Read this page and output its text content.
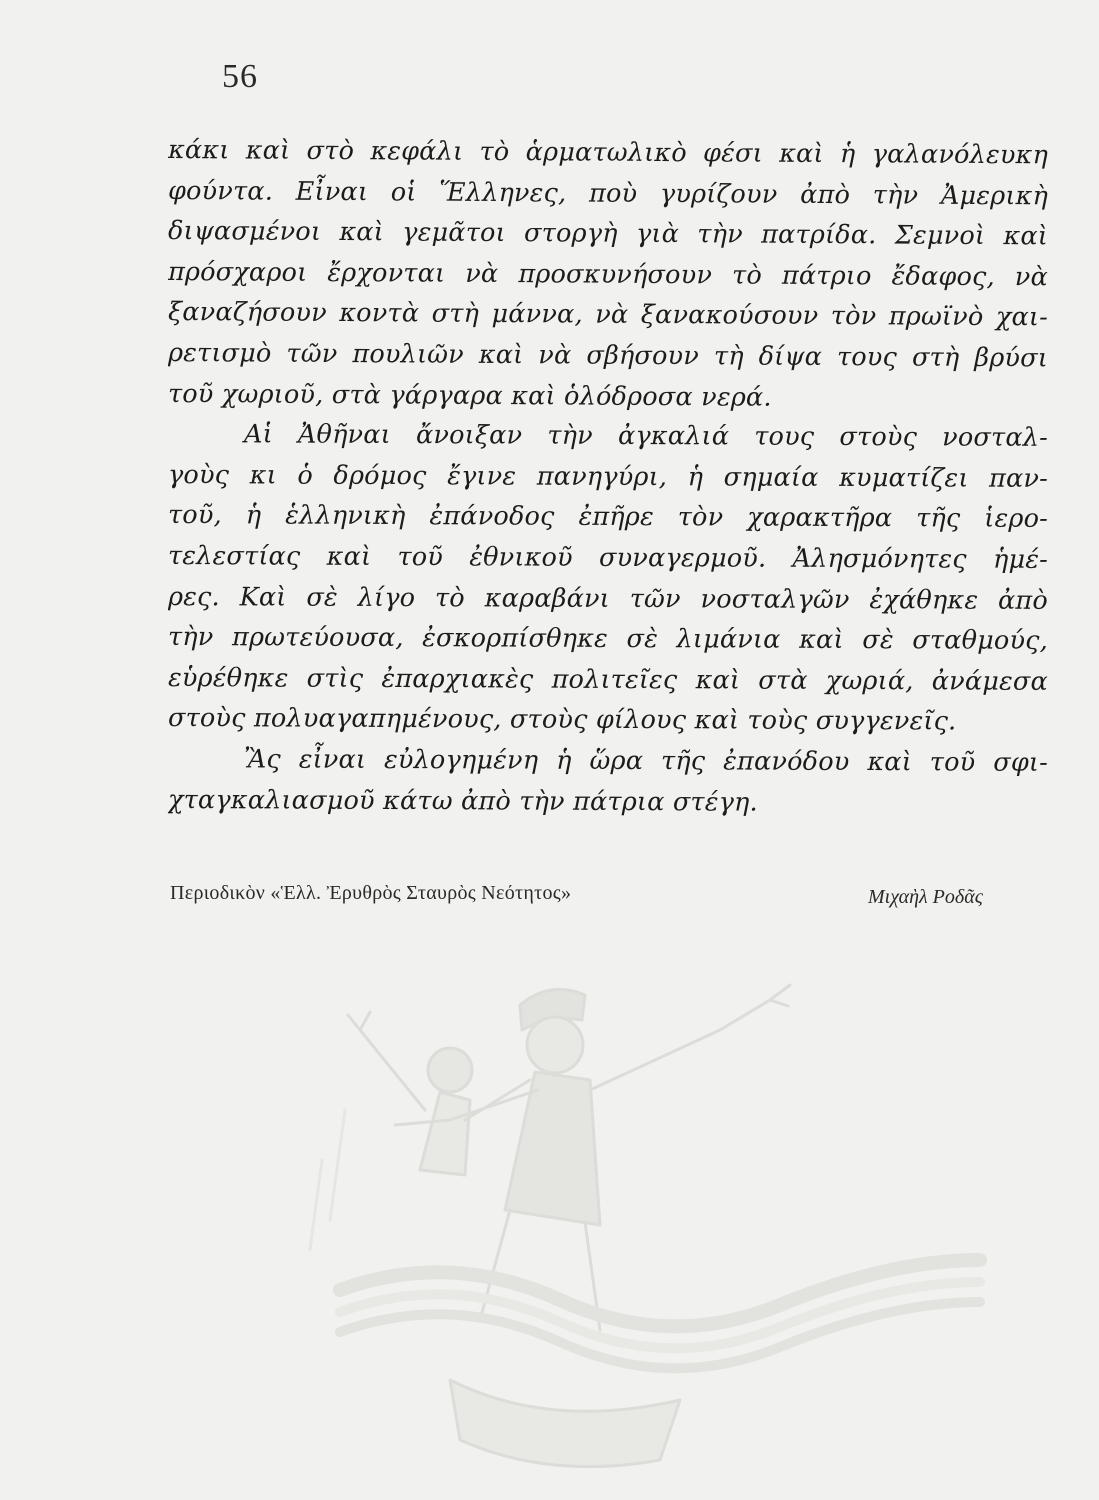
56
κάκι καὶ στὸ κεφάλι τὸ ἁρματωλικὸ φέσι καὶ ἡ γαλανόλευκη
φούντα. Εἶναι οἱ Ἕλληνες, ποὺ γυρίζουν ἀπὸ τὴν Ἀμερικὴ
διψασμένοι καὶ γεμᾶτοι στοργὴ γιὰ τὴν πατρίδα. Σεμνοὶ καὶ
πρόσχαροι ἔρχονται νὰ προσκυνήσουν τὸ πάτριο ἔδαφος, νὰ
ξαναζήσουν κοντὰ στὴ μάννα, νὰ ξανακούσουν τὸν πρωϊνὸ χαι-
ρετισμὸ τῶν πουλιῶν καὶ νὰ σβήσουν τὴ δίψα τους στὴ βρύσι
τοῦ χωριοῦ, στὰ γάργαρα καὶ ὁλόδροσα νερά.
Αἱ Ἀθῆναι ἄνοιξαν τὴν ἀγκαλιά τους στοὺς νοσταλ-
γοὺς κι ὁ δρόμος ἔγινε πανηγύρι, ἡ σημαία κυματίζει παν-
τοῦ, ἡ ἑλληνικὴ ἐπάνοδος ἐπῆρε τὸν χαρακτῆρα τῆς ἱερο-
τελεστίας καὶ τοῦ ἐθνικοῦ συναγερμοῦ. Ἀλησμόνητες ἡμέ-
ρες. Καὶ σὲ λίγο τὸ καραβάνι τῶν νοσταλγῶν ἐχάθηκε ἀπὸ
τὴν πρωτεύουσα, ἐσκορπίσθηκε σὲ λιμάνια καὶ σὲ σταθμούς,
εὑρέθηκε στὶς ἐπαρχιακὲς πολιτεῖες καὶ στὰ χωριά, ἀνάμεσα
στοὺς πολυαγαπημένους, στοὺς φίλους καὶ τοὺς συγγενεῖς.
Ἂς εἶναι εὐλογημένη ἡ ὥρα τῆς ἐπανόδου καὶ τοῦ σφι-
χταγκαλιασμοῦ κάτω ἀπὸ τὴν πάτρια στέγη.
Περιοδικὸν «Ἑλλ. Ἐρυθρὸς Σταυρὸς Νεότητος»	Μιχαὴλ Ροδᾶς
